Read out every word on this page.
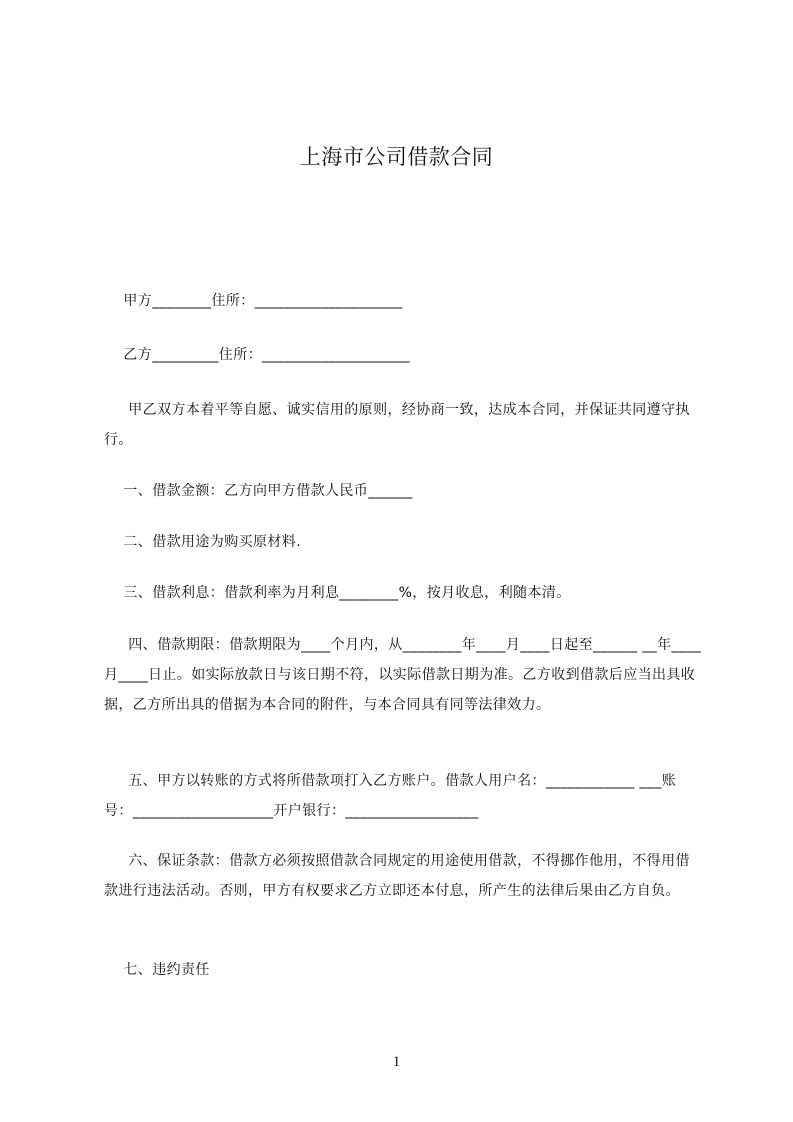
上海市公司借款合同
甲方________住所：____________________
乙方_________住所：____________________
甲乙双方本着平等自愿、诚实信用的原则，经协商一致，达成本合同，并保证共同遵守执行。
一、借款金额：乙方向甲方借款人民币______
二、借款用途为购买原材料.
三、借款利息：借款利率为月利息________%，按月收息，利随本清。
四、借款期限：借款期限为____个月内，从________年____月____日起至______ __年____月____日止。如实际放款日与该日期不符，以实际借款日期为准。乙方收到借款后应当出具收据，乙方所出具的借据为本合同的附件，与本合同具有同等法律效力。
五、甲方以转账的方式将所借款项打入乙方账户。借款人用户名：____________ ___账号：___________________开户银行：__________________
六、保证条款：借款方必须按照借款合同规定的用途使用借款，不得挪作他用，不得用借款进行违法活动。否则，甲方有权要求乙方立即还本付息，所产生的法律后果由乙方自负。
七、违约责任
1
